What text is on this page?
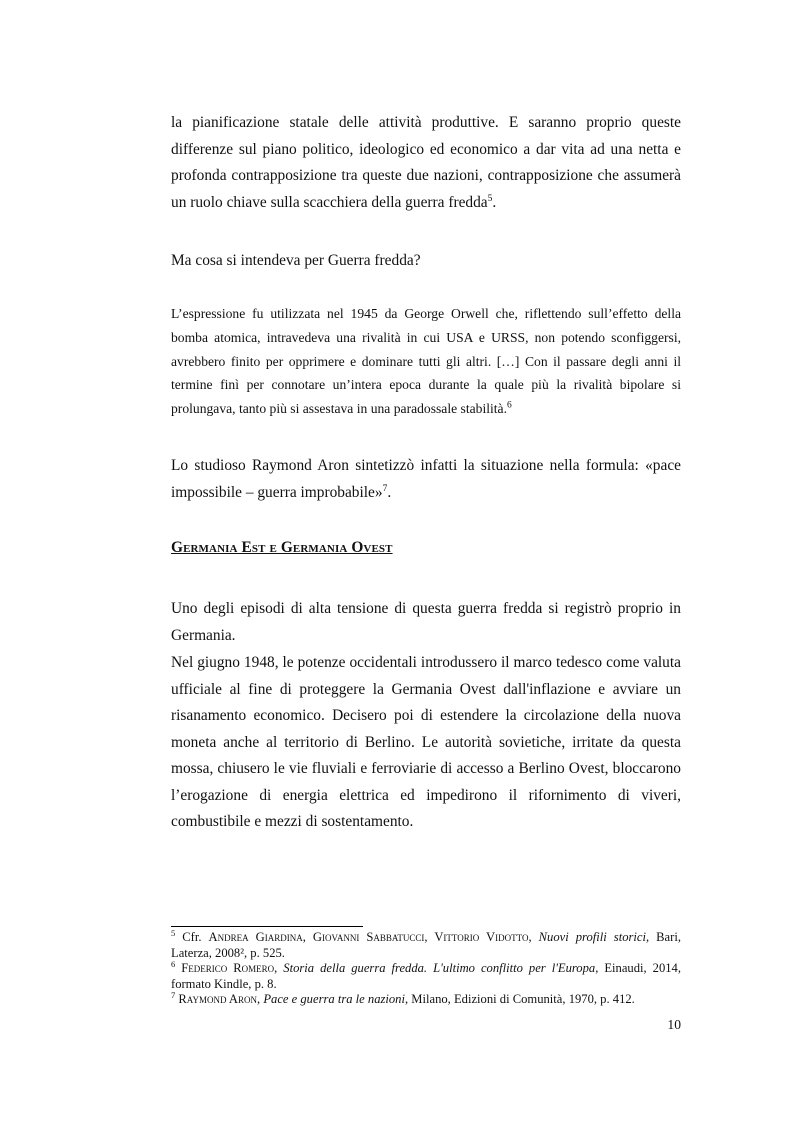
la pianificazione statale delle attività produttive. E saranno proprio queste differenze sul piano politico, ideologico ed economico a dar vita ad una netta e profonda contrapposizione tra queste due nazioni, contrapposizione che assumerà un ruolo chiave sulla scacchiera della guerra fredda$^5$.

Ma cosa si intendeva per Guerra fredda?

L’espressione fu utilizzata nel 1945 da George Orwell che, riflettendo sull’effetto della bomba atomica, intravedeva una rivalità in cui USA e URSS, non potendo sconfiggersi, avrebbero finito per opprimere e dominare tutti gli altri. […] Con il passare degli anni il termine finì per connotare un’intera epoca durante la quale più la rivalità bipolare si prolungava, tanto più si assestava in una paradossale stabilità.$^6$

Lo studioso Raymond Aron sintetizzò infatti la situazione nella formula: «pace impossibile – guerra improbabile»$^7$.

Germania Est e Germania Ovest

Uno degli episodi di alta tensione di questa guerra fredda si registrò proprio in Germania.

Nel giugno 1948, le potenze occidentali introdussero il marco tedesco come valuta ufficiale al fine di proteggere la Germania Ovest dall'inflazione e avviare un risanamento economico. Decisero poi di estendere la circolazione della nuova moneta anche al territorio di Berlino. Le autorità sovietiche, irritate da questa mossa, chiusero le vie fluviali e ferroviarie di accesso a Berlino Ovest, bloccarono l’erogazione di energia elettrica ed impedirono il rifornimento di viveri, combustibile e mezzi di sostentamento.

$^5$ Cfr. Andrea Giardina, Giovanni Sabbatucci, Vittorio Vidotto, Nuovi profili storici, Bari, Laterza, 2008², p. 525.

$^6$ Federico Romero, Storia della guerra fredda. L'ultimo conflitto per l'Europa, Einaudi, 2014, formato Kindle, p. 8.

$^7$ Raymond Aron, Pace e guerra tra le nazioni, Milano, Edizioni di Comunità, 1970, p. 412.

10
